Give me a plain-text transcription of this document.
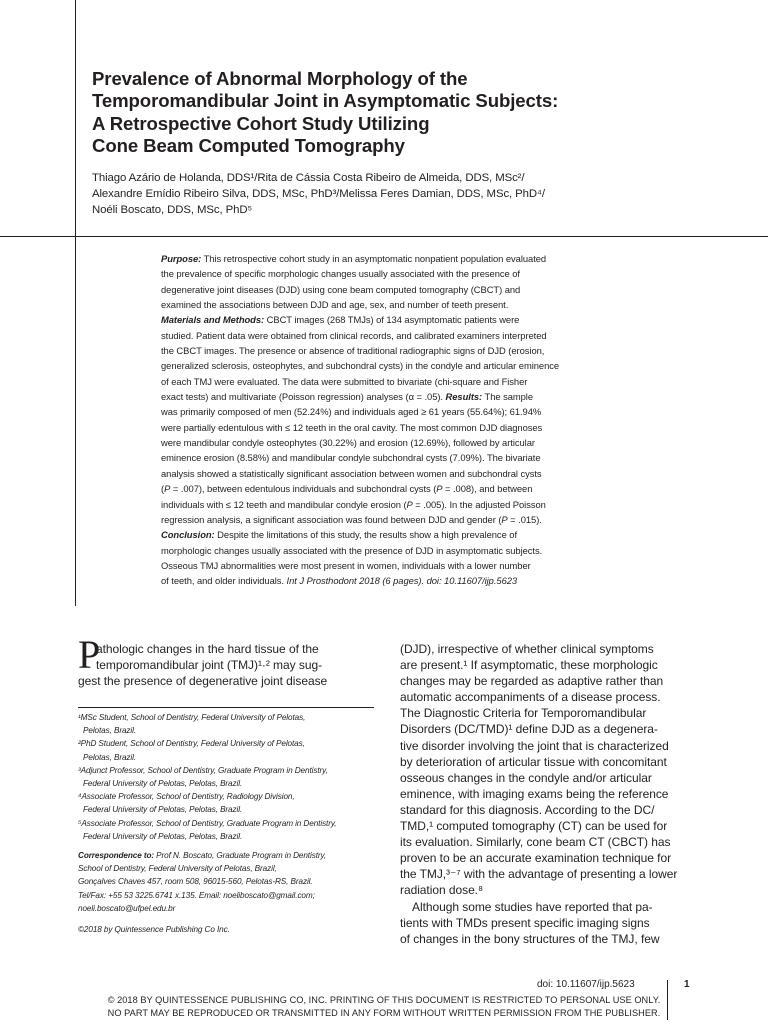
Prevalence of Abnormal Morphology of the
Temporomandibular Joint in Asymptomatic Subjects:
A Retrospective Cohort Study Utilizing
Cone Beam Computed Tomography
Thiago Azário de Holanda, DDS¹/Rita de Cássia Costa Ribeiro de Almeida, DDS, MSc²/
Alexandre Emídio Ribeiro Silva, DDS, MSc, PhD³/Melissa Feres Damian, DDS, MSc, PhD⁴/
Noéli Boscato, DDS, MSc, PhD⁵
Purpose: This retrospective cohort study in an asymptomatic nonpatient population evaluated
the prevalence of specific morphologic changes usually associated with the presence of
degenerative joint diseases (DJD) using cone beam computed tomography (CBCT) and
examined the associations between DJD and age, sex, and number of teeth present.
Materials and Methods: CBCT images (268 TMJs) of 134 asymptomatic patients were
studied. Patient data were obtained from clinical records, and calibrated examiners interpreted
the CBCT images. The presence or absence of traditional radiographic signs of DJD (erosion,
generalized sclerosis, osteophytes, and subchondral cysts) in the condyle and articular eminence
of each TMJ were evaluated. The data were submitted to bivariate (chi-square and Fisher
exact tests) and multivariate (Poisson regression) analyses (α = .05). Results: The sample
was primarily composed of men (52.24%) and individuals aged ≥ 61 years (55.64%); 61.94%
were partially edentulous with ≤ 12 teeth in the oral cavity. The most common DJD diagnoses
were mandibular condyle osteophytes (30.22%) and erosion (12.69%), followed by articular
eminence erosion (8.58%) and mandibular condyle subchondral cysts (7.09%). The bivariate
analysis showed a statistically significant association between women and subchondral cysts
(P = .007), between edentulous individuals and subchondral cysts (P = .008), and between
individuals with ≤ 12 teeth and mandibular condyle erosion (P = .005). In the adjusted Poisson
regression analysis, a significant association was found between DJD and gender (P = .015).
Conclusion: Despite the limitations of this study, the results show a high prevalence of
morphologic changes usually associated with the presence of DJD in asymptomatic subjects.
Osseous TMJ abnormalities were most present in women, individuals with a lower number
of teeth, and older individuals. Int J Prosthodont 2018 (6 pages). doi: 10.11607/ijp.5623
P
athologic changes in the hard tissue of the
temporomandibular joint (TMJ)¹·² may sug-
gest the presence of degenerative joint disease
¹MSc Student, School of Dentistry, Federal University of Pelotas,
Pelotas, Brazil.
²PhD Student, School of Dentistry, Federal University of Pelotas,
Pelotas, Brazil.
³Adjunct Professor, School of Dentistry, Graduate Program in Dentistry,
Federal University of Pelotas, Pelotas, Brazil.
⁴Associate Professor, School of Dentistry, Radiology Division,
Federal University of Pelotas, Pelotas, Brazil.
⁵Associate Professor, School of Dentistry, Graduate Program in Dentistry,
Federal University of Pelotas, Pelotas, Brazil.
Correspondence to: Prof N. Boscato, Graduate Program in Dentistry,
School of Dentistry, Federal University of Pelotas, Brazil,
Gonçalves Chaves 457, room 508, 96015-560, Pelotas-RS, Brazil.
Tel/Fax: +55 53 3225.6741 x.135. Email: noeliboscato@gmail.com;
noeli.boscato@ufpel.edu.br
©2018 by Quintessence Publishing Co Inc.
(DJD), irrespective of whether clinical symptoms
are present.¹ If asymptomatic, these morphologic
changes may be regarded as adaptive rather than
automatic accompaniments of a disease process.
The Diagnostic Criteria for Temporomandibular
Disorders (DC/TMD)¹ define DJD as a degenera-
tive disorder involving the joint that is characterized
by deterioration of articular tissue with concomitant
osseous changes in the condyle and/or articular
eminence, with imaging exams being the reference
standard for this diagnosis. According to the DC/
TMD,¹ computed tomography (CT) can be used for
its evaluation. Similarly, cone beam CT (CBCT) has
proven to be an accurate examination technique for
the TMJ,³⁻⁷ with the advantage of presenting a lower
radiation dose.⁸
Although some studies have reported that pa-
tients with TMDs present specific imaging signs
of changes in the bony structures of the TMJ, few
doi: 10.11607/ijp.5623	1
© 2018 BY QUINTESSENCE PUBLISHING CO, INC. PRINTING OF THIS DOCUMENT IS RESTRICTED TO PERSONAL USE ONLY.
NO PART MAY BE REPRODUCED OR TRANSMITTED IN ANY FORM WITHOUT WRITTEN PERMISSION FROM THE PUBLISHER.
